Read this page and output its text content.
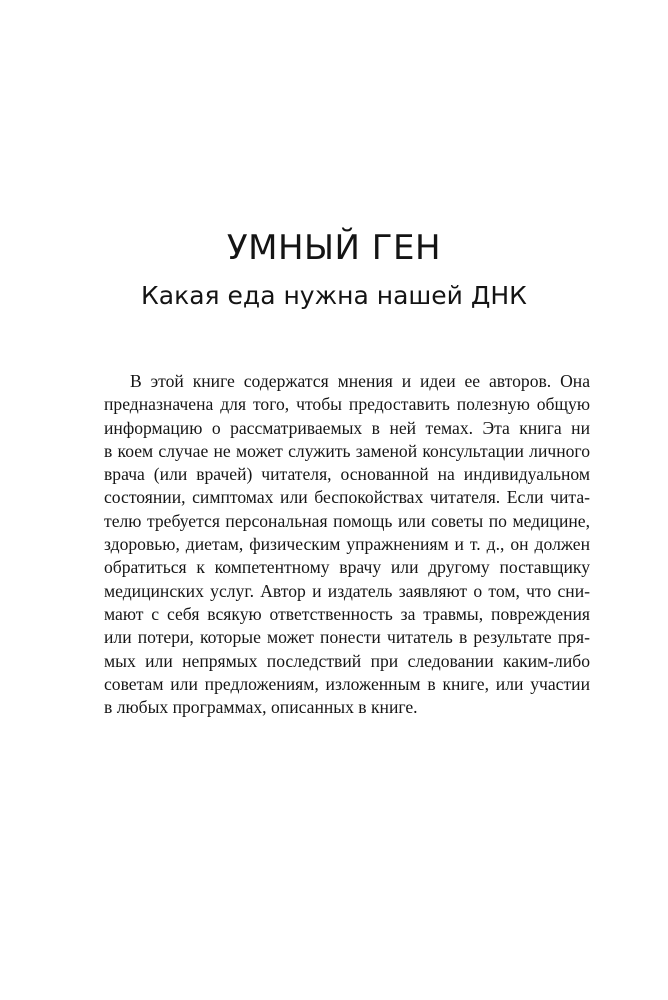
УМНЫЙ ГЕН
Какая еда нужна нашей ДНК

В этой книге содержатся мнения и идеи ее авторов. Она
предназначена для того, чтобы предоставить полезную общую
информацию о рассматриваемых в ней темах. Эта книга ни
в коем случае не может служить заменой консультации личного
врача (или врачей) читателя, основанной на индивидуальном
состоянии, симптомах или беспокойствах читателя. Если чита-
телю требуется персональная помощь или советы по медицине,
здоровью, диетам, физическим упражнениям и т. д., он должен
обратиться к компетентному врачу или другому поставщику
медицинских услуг. Автор и издатель заявляют о том, что сни-
мают с себя всякую ответственность за травмы, повреждения
или потери, которые может понести читатель в результате пря-
мых или непрямых последствий при следовании каким-либо
советам или предложениям, изложенным в книге, или участии
в любых программах, описанных в книге.
